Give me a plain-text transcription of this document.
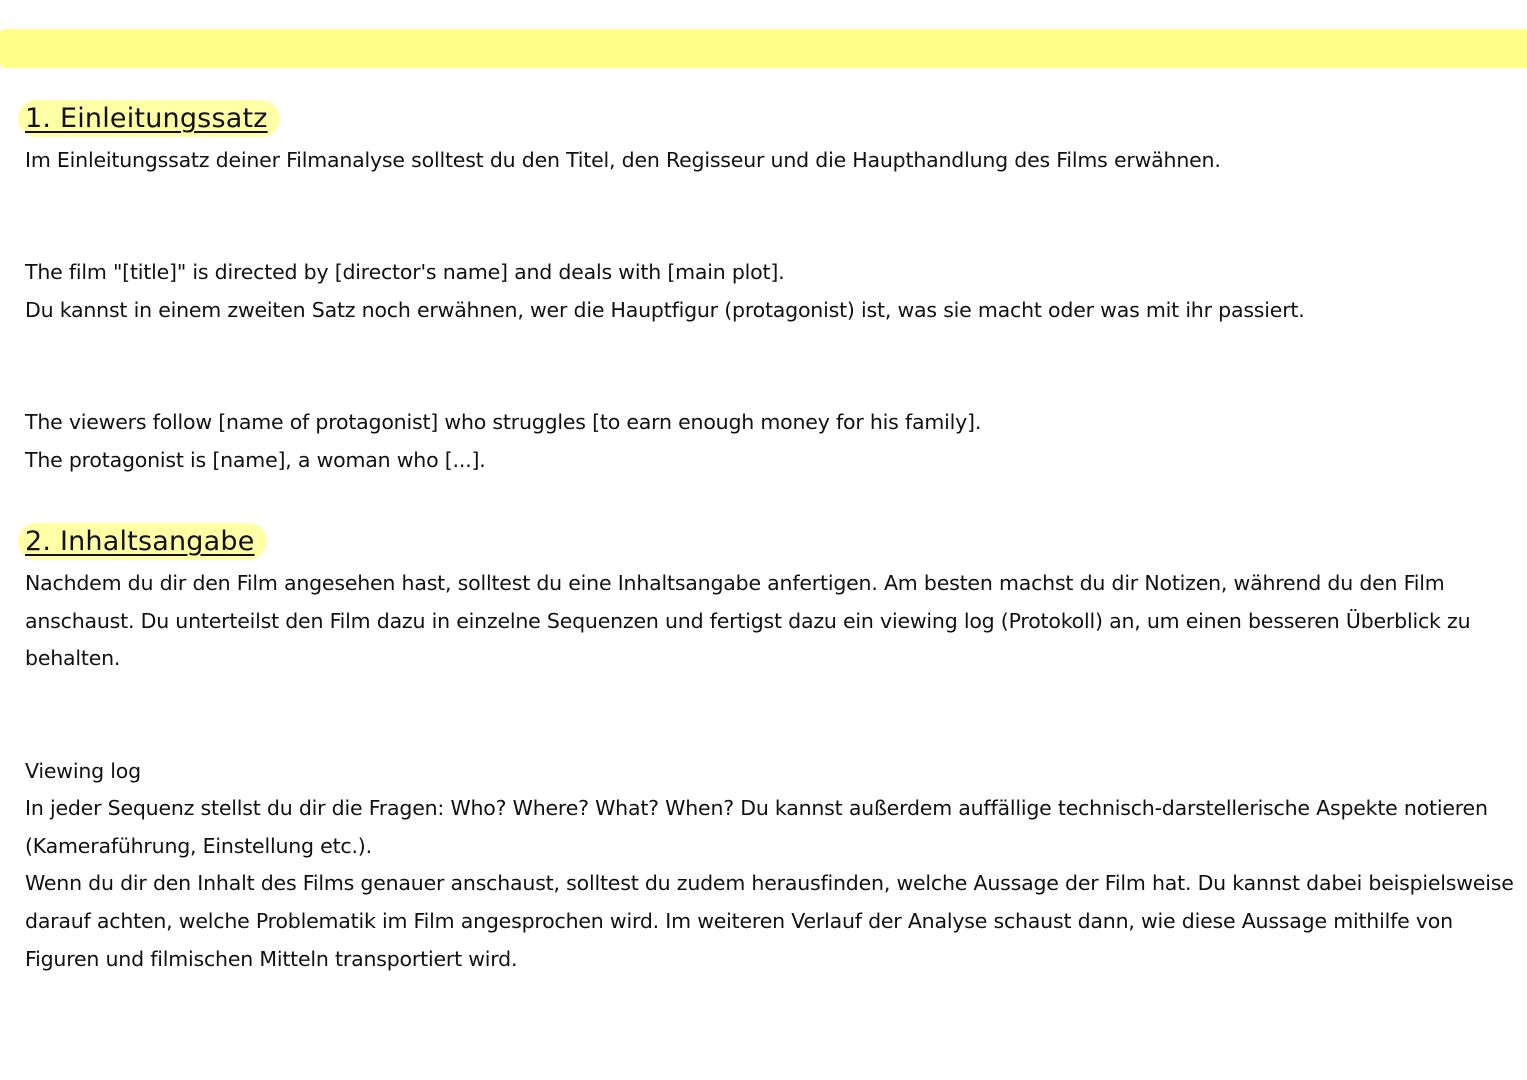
1. Einleitungssatz
Im Einleitungssatz deiner Filmanalyse solltest du den Titel, den Regisseur und die Haupthandlung des Films erwähnen.
The film "[title]" is directed by [director's name] and deals with [main plot].
Du kannst in einem zweiten Satz noch erwähnen, wer die Hauptfigur (protagonist) ist, was sie macht oder was mit ihr passiert.
The viewers follow [name of protagonist] who struggles [to earn enough money for his family].
The protagonist is [name], a woman who [...].
2. Inhaltsangabe
Nachdem du dir den Film angesehen hast, solltest du eine Inhaltsangabe anfertigen. Am besten machst du dir Notizen, während du den Film
anschaust. Du unterteilst den Film dazu in einzelne Sequenzen und fertigst dazu ein viewing log (Protokoll) an, um einen besseren Überblick zu
behalten.
Viewing log
In jeder Sequenz stellst du dir die Fragen: Who? Where? What? When? Du kannst außerdem auffällige technisch-darstellerische Aspekte notieren
(Kameraführung, Einstellung etc.).
Wenn du dir den Inhalt des Films genauer anschaust, solltest du zudem herausfinden, welche Aussage der Film hat. Du kannst dabei beispielsweise
darauf achten, welche Problematik im Film angesprochen wird. Im weiteren Verlauf der Analyse schaust dann, wie diese Aussage mithilfe von
Figuren und filmischen Mitteln transportiert wird.
